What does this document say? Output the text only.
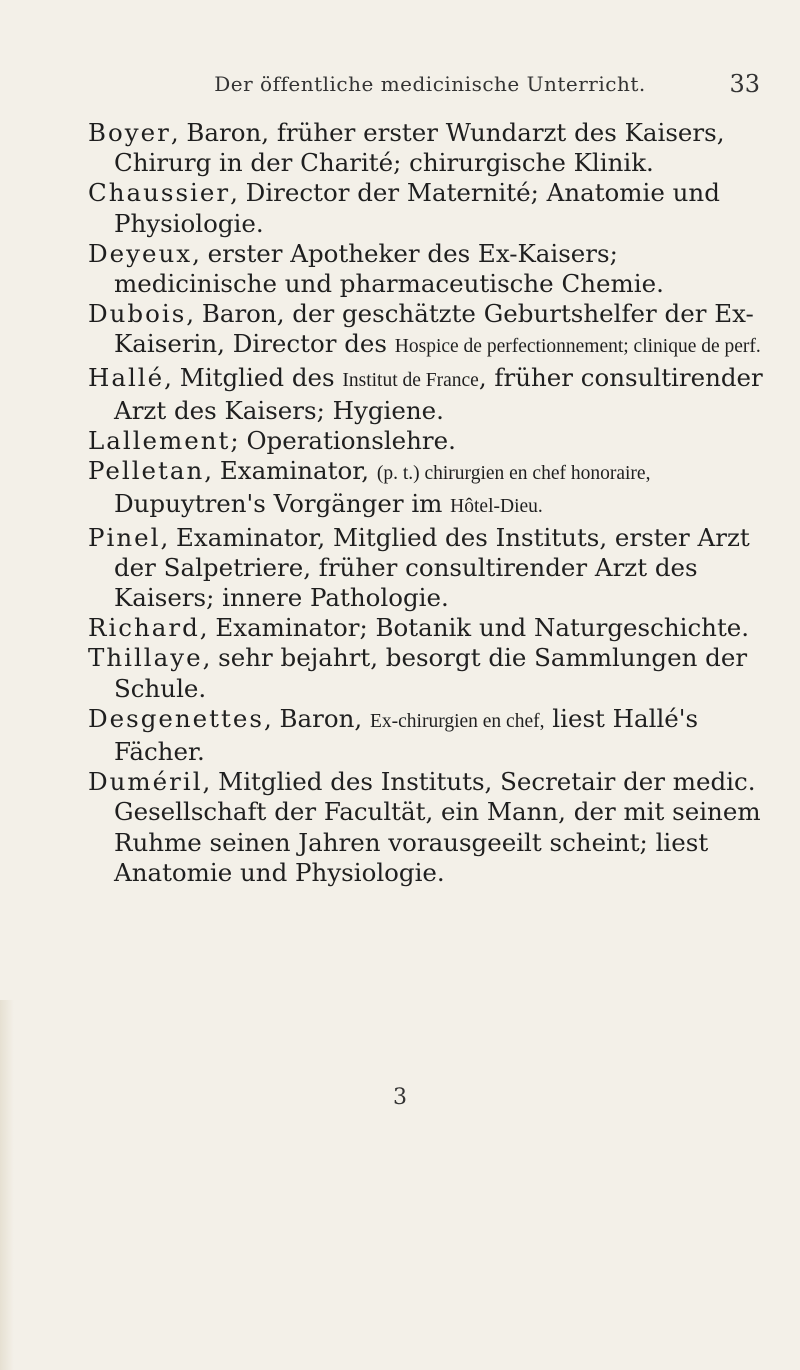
Der öffentliche medicinische Unterricht.	33

Boyer, Baron, früher erster Wundarzt des Kaisers, Chirurg in der Charité; chirurgische Klinik.

Chaussier, Director der Maternité; Anatomie und Physiologie.

Deyeux, erster Apotheker des Ex-Kaisers; medicinische und pharmaceutische Chemie.

Dubois, Baron, der geschätzte Geburtshelfer der Ex-Kaiserin, Director des Hospice de perfectionnement; clinique de perf.

Hallé, Mitglied des Institut de France, früher consultirender Arzt des Kaisers; Hygiene.

Lallement; Operationslehre.

Pelletan, Examinator, (p. t.) chirurgien en chef honoraire, Dupuytren's Vorgänger im Hôtel-Dieu.

Pinel, Examinator, Mitglied des Instituts, erster Arzt der Salpetriere, früher consultirender Arzt des Kaisers; innere Pathologie.

Richard, Examinator; Botanik und Naturgeschichte.

Thillaye, sehr bejahrt, besorgt die Sammlungen der Schule.

Desgenettes, Baron, Ex-chirurgien en chef, liest Hallé's Fächer.

Duméril, Mitglied des Instituts, Secretair der medic. Gesellschaft der Facultät, ein Mann, der mit seinem Ruhme seinen Jahren vorausgeeilt scheint; liest Anatomie und Physiologie.

3
